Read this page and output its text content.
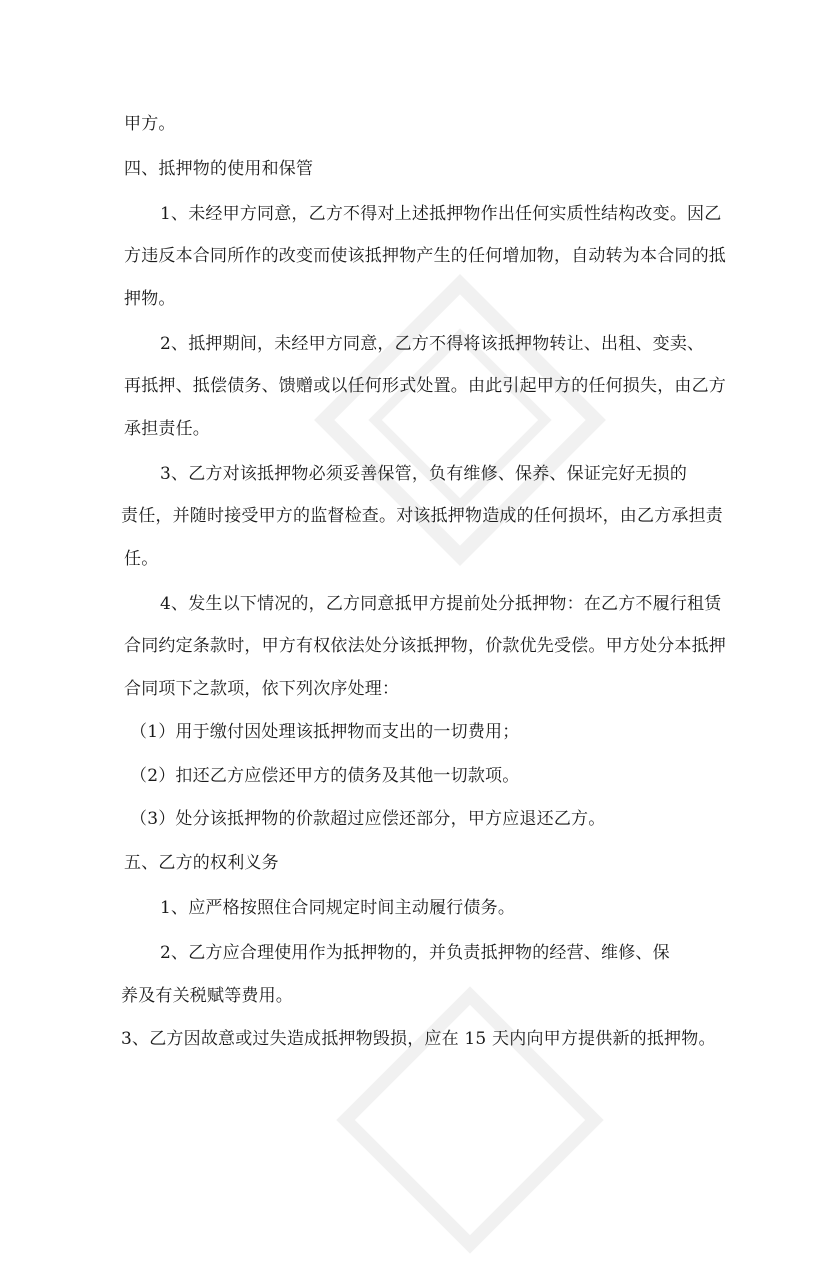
甲方。
四、抵押物的使用和保管
1、未经甲方同意，乙方不得对上述抵押物作出任何实质性结构改变。因乙
方违反本合同所作的改变而使该抵押物产生的任何增加物，自动转为本合同的抵
押物。
2、抵押期间，未经甲方同意，乙方不得将该抵押物转让、出租、变卖、
再抵押、抵偿债务、馈赠或以任何形式处置。由此引起甲方的任何损失，由乙方
承担责任。
3、乙方对该抵押物必须妥善保管，负有维修、保养、保证完好无损的
责任，并随时接受甲方的监督检查。对该抵押物造成的任何损坏，由乙方承担责
任。
4、发生以下情况的，乙方同意抵甲方提前处分抵押物：在乙方不履行租赁
合同约定条款时，甲方有权依法处分该抵押物，价款优先受偿。甲方处分本抵押
合同项下之款项，依下列次序处理：
（1）用于缴付因处理该抵押物而支出的一切费用；
（2）扣还乙方应偿还甲方的债务及其他一切款项。
（3）处分该抵押物的价款超过应偿还部分，甲方应退还乙方。
五、乙方的权利义务
1、应严格按照住合同规定时间主动履行债务。
2、乙方应合理使用作为抵押物的，并负责抵押物的经营、维修、保
养及有关税赋等费用。
3、乙方因故意或过失造成抵押物毁损，应在 15 天内向甲方提供新的抵押物。
